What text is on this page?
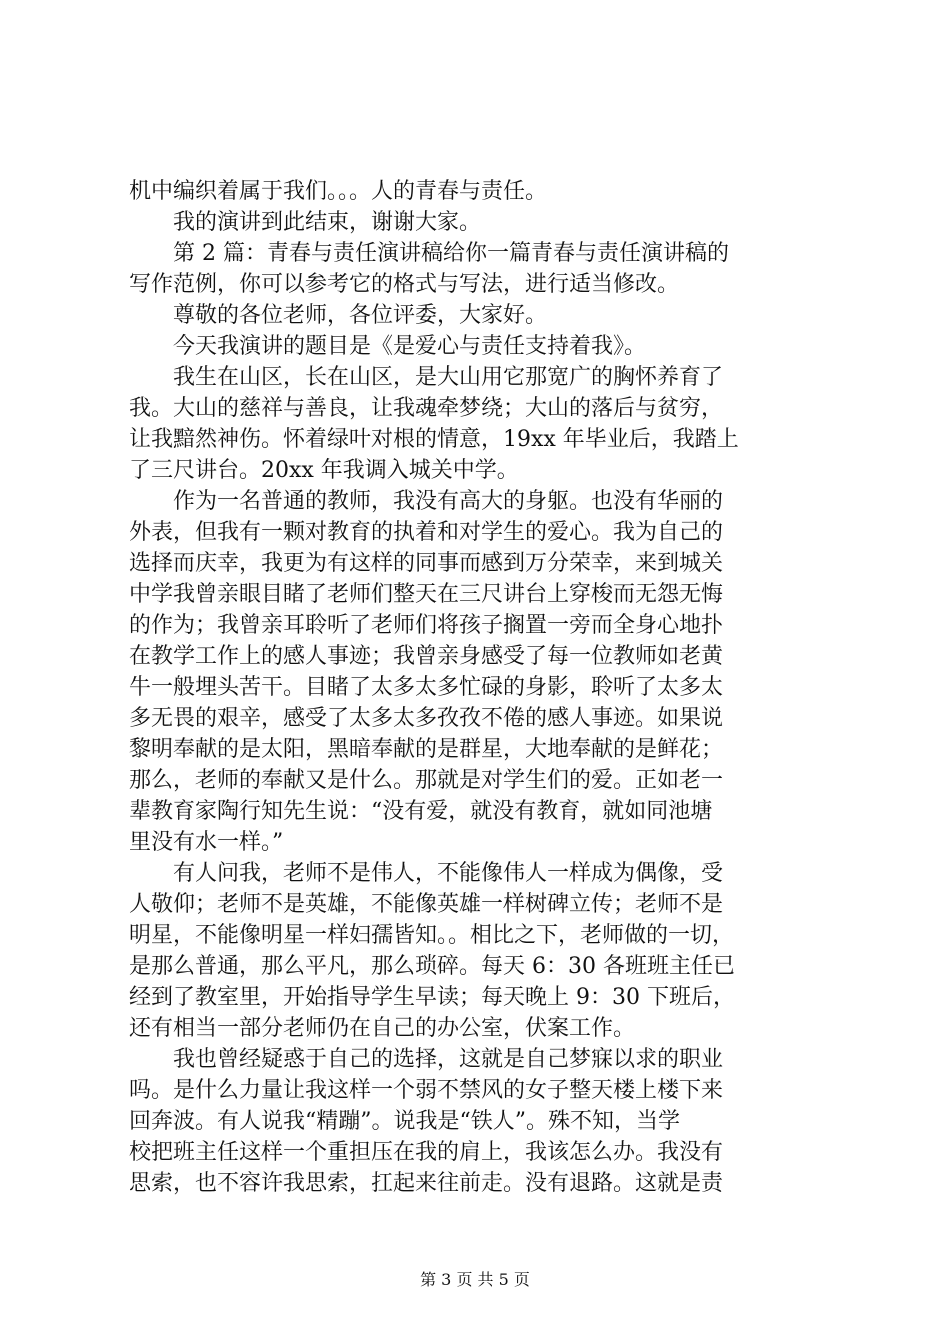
机中编织着属于我们。。。人的青春与责任。
我的演讲到此结束，谢谢大家。
第 2 篇：青春与责任演讲稿给你一篇青春与责任演讲稿的
写作范例，你可以参考它的格式与写法，进行适当修改。
尊敬的各位老师，各位评委，大家好。
今天我演讲的题目是《是爱心与责任支持着我》。
我生在山区，长在山区，是大山用它那宽广的胸怀养育了
我。大山的慈祥与善良，让我魂牵梦绕；大山的落后与贫穷，
让我黯然神伤。怀着绿叶对根的情意，19xx 年毕业后，我踏上
了三尺讲台。20xx 年我调入城关中学。
作为一名普通的教师，我没有高大的身躯。也没有华丽的
外表，但我有一颗对教育的执着和对学生的爱心。我为自己的
选择而庆幸，我更为有这样的同事而感到万分荣幸，来到城关
中学我曾亲眼目睹了老师们整天在三尺讲台上穿梭而无怨无悔
的作为；我曾亲耳聆听了老师们将孩子搁置一旁而全身心地扑
在教学工作上的感人事迹；我曾亲身感受了每一位教师如老黄
牛一般埋头苦干。目睹了太多太多忙碌的身影，聆听了太多太
多无畏的艰辛，感受了太多太多孜孜不倦的感人事迹。如果说
黎明奉献的是太阳，黑暗奉献的是群星，大地奉献的是鲜花；
那么，老师的奉献又是什么。那就是对学生们的爱。正如老一
辈教育家陶行知先生说：“没有爱，就没有教育，就如同池塘
里没有水一样。”
有人问我，老师不是伟人，不能像伟人一样成为偶像，受
人敬仰；老师不是英雄，不能像英雄一样树碑立传；老师不是
明星，不能像明星一样妇孺皆知。。相比之下，老师做的一切，
是那么普通，那么平凡，那么琐碎。每天 6：30 各班班主任已
经到了教室里，开始指导学生早读；每天晚上 9：30 下班后，
还有相当一部分老师仍在自己的办公室，伏案工作。
我也曾经疑惑于自己的选择，这就是自己梦寐以求的职业
吗。是什么力量让我这样一个弱不禁风的女子整天楼上楼下来
回奔波。有人说我“精蹦”。说我是“铁人”。殊不知，当学
校把班主任这样一个重担压在我的肩上，我该怎么办。我没有
思索，也不容许我思索，扛起来往前走。没有退路。这就是责
第 3 页 共 5 页
